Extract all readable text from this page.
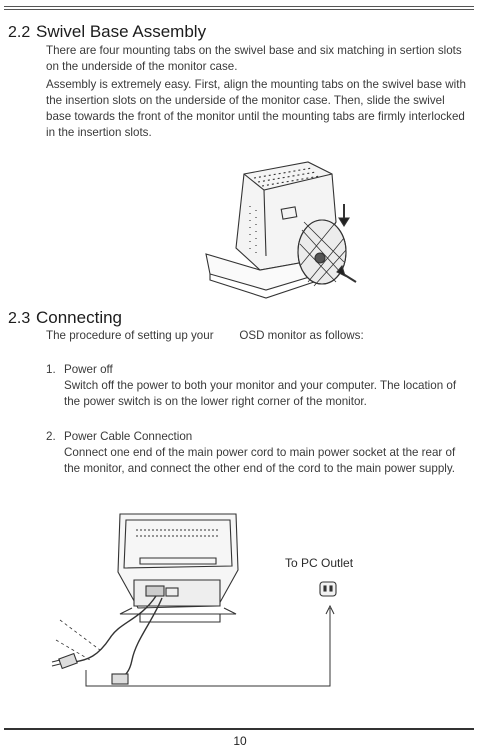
2.2 Swivel Base Assembly

There are four mounting tabs on the swivel base and six matching in sertion slots on the underside of the monitor case.

Assembly is extremely easy. First, align the mounting tabs on the swivel base with the insertion slots on the underside of the monitor case. Then, slide the swivel base towards the front of the monitor until the mounting tabs are firmly interlocked in the insertion slots.

2.3 Connecting

The procedure of setting up your        OSD monitor as follows:

1. Power off
Switch off the power to both your monitor and your computer. The location of the power switch is on the lower right corner of the monitor.
2. Power Cable Connection
Connect one end of the main power cord to main power socket at the rear of the monitor, and connect the other end of the cord to the main power supply.
To PC Outlet
10
